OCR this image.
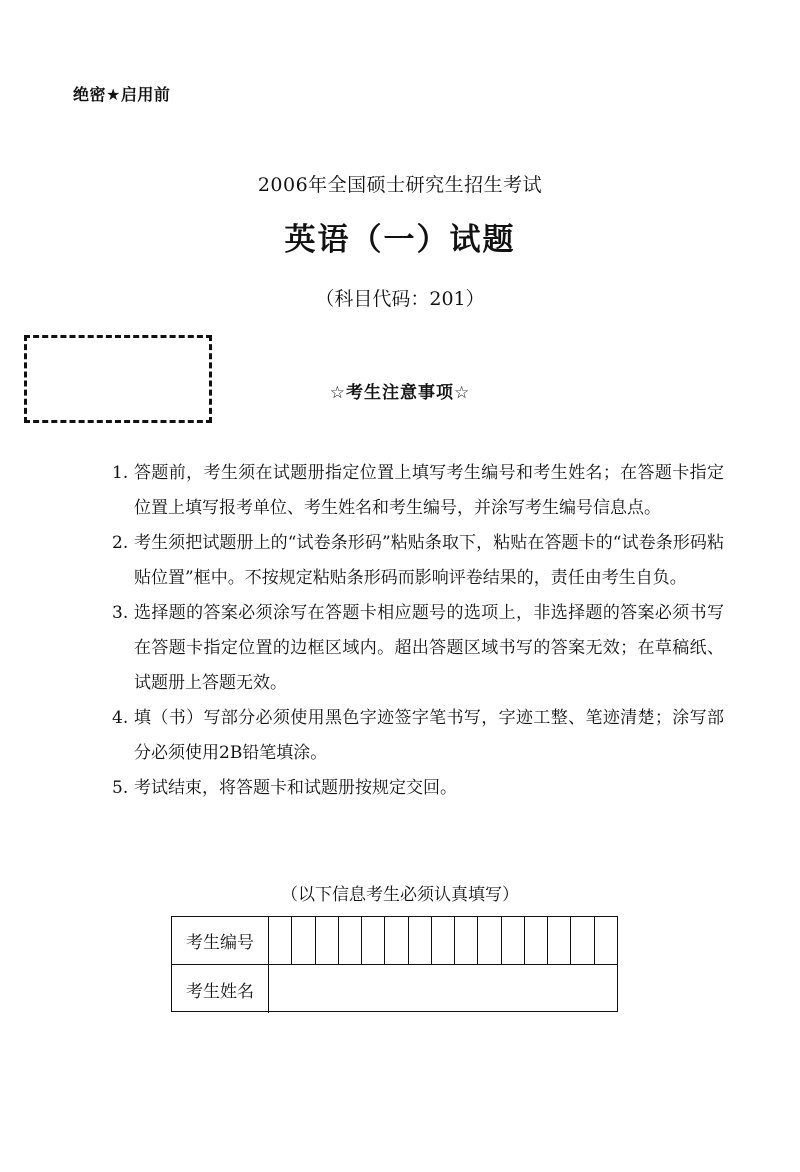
绝密★启用前
2006年全国硕士研究生招生考试
英语（一）试题
（科目代码：201）
☆考生注意事项☆
1. 答题前，考生须在试题册指定位置上填写考生编号和考生姓名；在答题卡指定位置上填写报考单位、考生姓名和考生编号，并涂写考生编号信息点。
2. 考生须把试题册上的“试卷条形码”粘贴条取下，粘贴在答题卡的“试卷条形码粘贴位置”框中。不按规定粘贴条形码而影响评卷结果的，责任由考生自负。
3. 选择题的答案必须涂写在答题卡相应题号的选项上，非选择题的答案必须书写在答题卡指定位置的边框区域内。超出答题区域书写的答案无效；在草稿纸、试题册上答题无效。
4. 填（书）写部分必须使用黑色字迹签字笔书写，字迹工整、笔迹清楚；涂写部分必须使用2B铅笔填涂。
5. 考试结束，将答题卡和试题册按规定交回。
（以下信息考生必须认真填写）
考生编号
考生姓名
